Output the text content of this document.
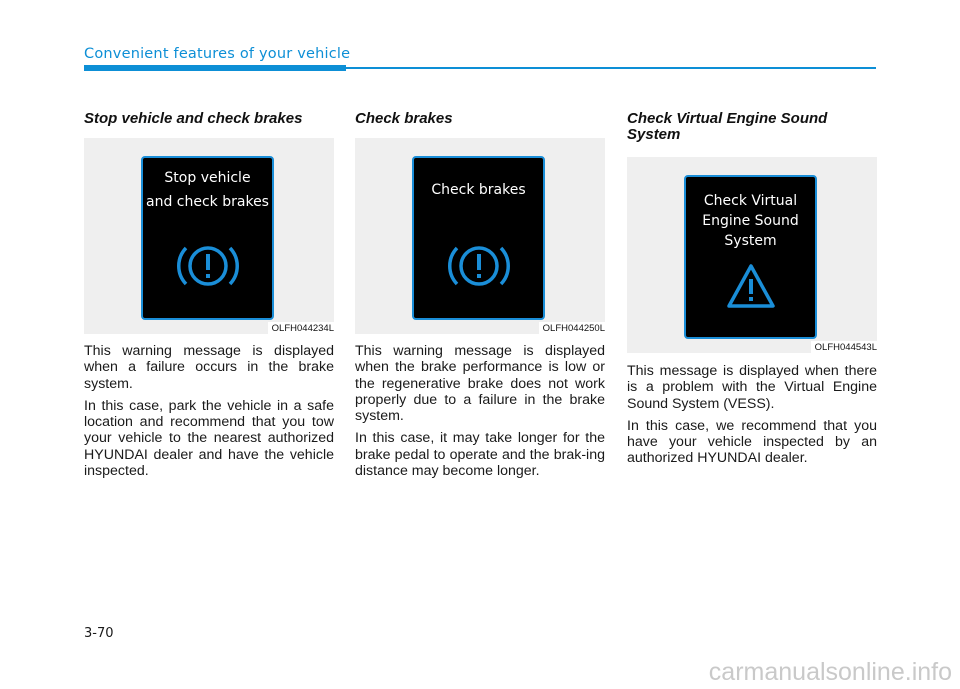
Convenient features of your vehicle
Stop vehicle and check brakes
Stop vehicle
and check brakes
OLFH044234L

This warning message is displayed when a failure occurs in the brake system.

In this case, park the vehicle in a safe location and recommend that you tow your vehicle to the nearest authorized HYUNDAI dealer and have the vehicle inspected.

Check brakes
Check brakes
OLFH044250L

This warning message is displayed when the brake performance is low or the regenerative brake does not work properly due to a failure in the brake system.

In this case, it may take longer for the brake pedal to operate and the brak-ing distance may become longer.

Check Virtual Engine Sound System
Check Virtual
Engine Sound
System
OLFH044543L

This message is displayed when there is a problem with the Virtual Engine Sound System (VESS).

In this case, we recommend that you have your vehicle inspected by an authorized HYUNDAI dealer.

3-70
carmanualsonline.info
